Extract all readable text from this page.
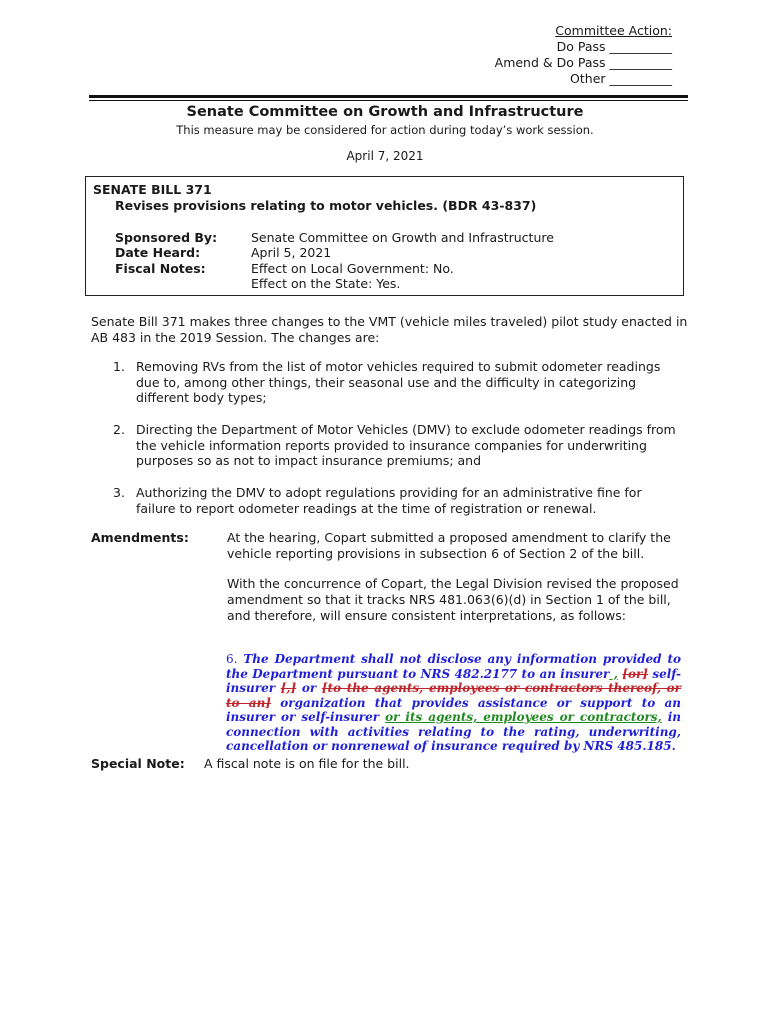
Committee Action:
Do Pass __________
Amend & Do Pass __________
Other __________
Senate Committee on Growth and Infrastructure
This measure may be considered for action during today’s work session.
April 7, 2021
SENATE BILL 371
Revises provisions relating to motor vehicles. (BDR 43-837)
Sponsored By:	Senate Committee on Growth and Infrastructure
Date Heard:	April 5, 2021
Fiscal Notes:	Effect on Local Government: No.
Effect on the State: Yes.
Senate Bill 371 makes three changes to the VMT (vehicle miles traveled) pilot study enacted in AB 483 in the 2019 Session. The changes are:
1. Removing RVs from the list of motor vehicles required to submit odometer readings due to, among other things, their seasonal use and the difficulty in categorizing different body types;
2. Directing the Department of Motor Vehicles (DMV) to exclude odometer readings from the vehicle information reports provided to insurance companies for underwriting purposes so as not to impact insurance premiums; and
3. Authorizing the DMV to adopt regulations providing for an administrative fine for failure to report odometer readings at the time of registration or renewal.
Amendments:	At the hearing, Copart submitted a proposed amendment to clarify the vehicle reporting provisions in subsection 6 of Section 2 of the bill.
With the concurrence of Copart, the Legal Division revised the proposed amendment so that it tracks NRS 481.063(6)(d) in Section 1 of the bill, and therefore, will ensure consistent interpretations, as follows:
6. The Department shall not disclose any information provided to the Department pursuant to NRS 482.2177 to an insurer , [or] self-insurer [,] or [to the agents, employees or contractors thereof, or to an] organization that provides assistance or support to an insurer or self-insurer or its agents, employees or contractors, in connection with activities relating to the rating, underwriting, cancellation or nonrenewal of insurance required by NRS 485.185.
Special Note: A fiscal note is on file for the bill.
